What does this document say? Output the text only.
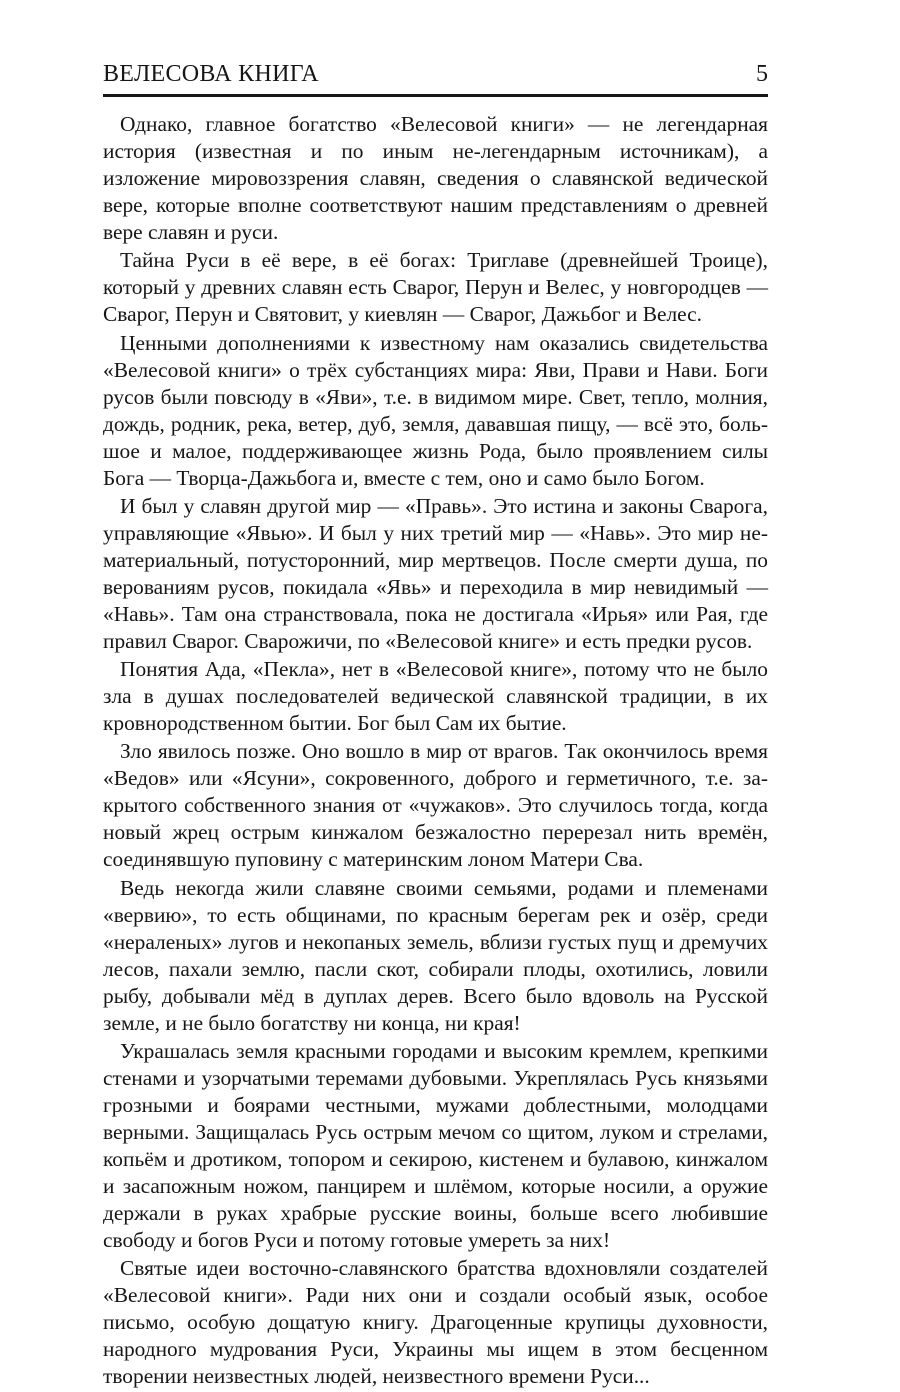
ВЕЛЕСОВА КНИГА	5

Однако, главное богатство «Велесовой книги» — не легендарная история (известная и по иным не-легендарным источникам), а изложение мировоззрения славян, сведения о славянской ведической вере, которые вполне соответствуют нашим представлениям о древней вере славян и руси.

Тайна Руси в её вере, в её богах: Триглаве (древнейшей Троице), который у древних славян есть Сварог, Перун и Велес, у новгородцев — Сварог, Перун и Святовит, у киевлян — Сварог, Дажьбог и Велес.

Ценными дополнениями к известному нам оказались свидетельства «Велесовой книги» о трёх субстанциях мира: Яви, Прави и Нави. Боги русов были повсюду в «Яви», т.е. в видимом мире. Свет, тепло, молния, дождь, родник, река, ветер, дуб, земля, дававшая пищу, — всё это, большое и малое, поддерживающее жизнь Рода, было проявлением силы Бога — Творца-Дажьбога и, вместе с тем, оно и само было Богом.

И был у славян другой мир — «Правь». Это истина и законы Сварога, управляющие «Явью». И был у них третий мир — «Навь». Это мир нематериальный, потусторонний, мир мертвецов. После смерти душа, по верованиям русов, покидала «Явь» и переходила в мир невидимый — «Навь». Там она странствовала, пока не достигала «Ирья» или Рая, где правил Сварог. Сварожичи, по «Велесовой книге» и есть предки русов.

Понятия Ада, «Пекла», нет в «Велесовой книге», потому что не было зла в душах последователей ведической славянской традиции, в их кровнородственном бытии. Бог был Сам их бытие.

Зло явилось позже. Оно вошло в мир от врагов. Так окончилось время «Ведов» или «Ясуни», сокровенного, доброго и герметичного, т.е. закрытого собственного знания от «чужаков». Это случилось тогда, когда новый жрец острым кинжалом безжалостно перерезал нить времён, соединявшую пуповину с материнским лоном Матери Сва.

Ведь некогда жили славяне своими семьями, родами и племенами «вервию», то есть общинами, по красным берегам рек и озёр, среди «нераленых» лугов и некопаных земель, вблизи густых пущ и дремучих лесов, пахали землю, пасли скот, собирали плоды, охотились, ловили рыбу, добывали мёд в дуплах дерев. Всего было вдоволь на Русской земле, и не было богатству ни конца, ни края!

Украшалась земля красными городами и высоким кремлем, крепкими стенами и узорчатыми теремами дубовыми. Укреплялась Русь князьями грозными и боярами честными, мужами доблестными, молодцами верными. Защищалась Русь острым мечом со щитом, луком и стрелами, копьём и дротиком, топором и секирою, кистенем и булавою, кинжалом и засапожным ножом, панцирем и шлёмом, которые носили, а оружие держали в руках храбрые русские воины, больше всего любившие свободу и богов Руси и потому готовые умереть за них!

Святые идеи восточно-славянского братства вдохновляли создателей «Велесовой книги». Ради них они и создали особый язык, особое письмо, особую дощатую книгу. Драгоценные крупицы духовности, народного мудрования Руси, Украины мы ищем в этом бесценном творении неизвестных людей, неизвестного времени Руси...
